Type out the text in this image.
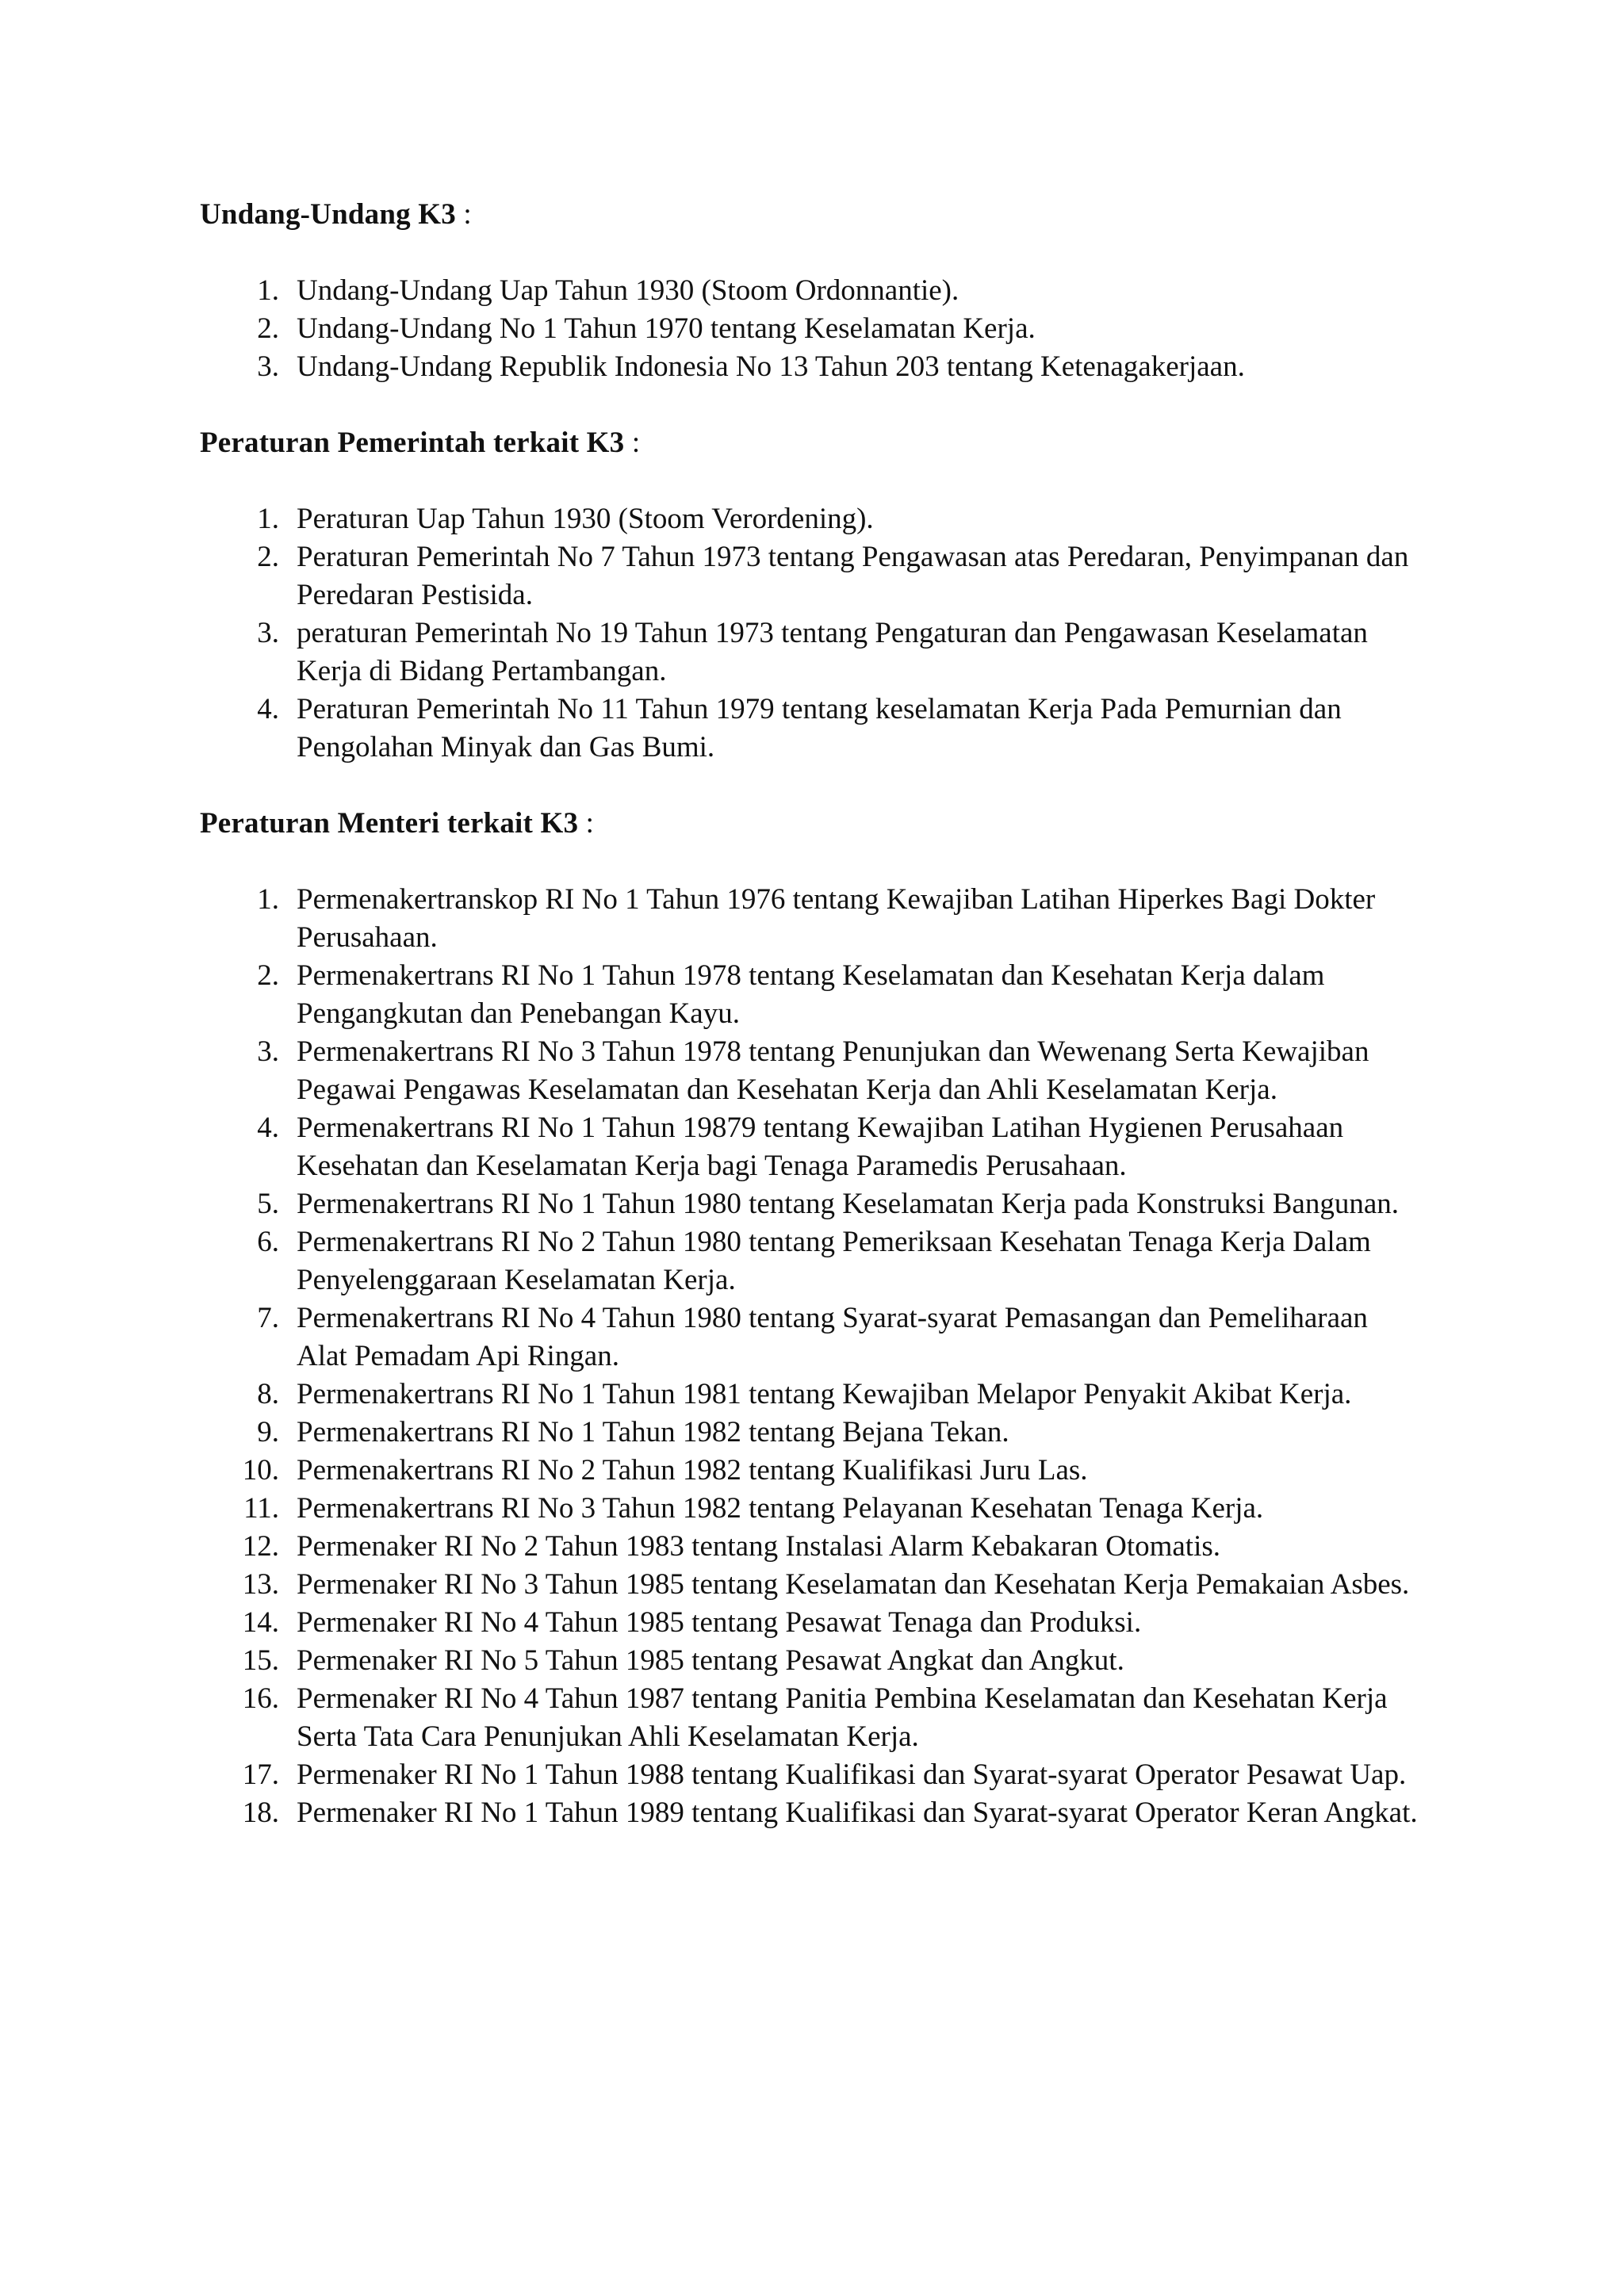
Undang-Undang K3 :
1. Undang-Undang Uap Tahun 1930 (Stoom Ordonnantie).
2. Undang-Undang No 1 Tahun 1970 tentang Keselamatan Kerja.
3. Undang-Undang Republik Indonesia No 13 Tahun 203 tentang Ketenagakerjaan.
Peraturan Pemerintah terkait K3 :
1. Peraturan Uap Tahun 1930 (Stoom Verordening).
2. Peraturan Pemerintah No 7 Tahun 1973 tentang Pengawasan atas Peredaran, Penyimpanan dan Peredaran Pestisida.
3. peraturan Pemerintah No 19 Tahun 1973 tentang Pengaturan dan Pengawasan Keselamatan Kerja di Bidang Pertambangan.
4. Peraturan Pemerintah No 11 Tahun 1979 tentang keselamatan Kerja Pada Pemurnian dan Pengolahan Minyak dan Gas Bumi.
Peraturan Menteri terkait K3 :
1. Permenakertranskop RI No 1 Tahun 1976 tentang Kewajiban Latihan Hiperkes Bagi Dokter Perusahaan.
2. Permenakertrans RI No 1 Tahun 1978 tentang Keselamatan dan Kesehatan Kerja dalam Pengangkutan dan Penebangan Kayu.
3. Permenakertrans RI No 3 Tahun 1978 tentang Penunjukan dan Wewenang Serta Kewajiban Pegawai Pengawas Keselamatan dan Kesehatan Kerja dan Ahli Keselamatan Kerja.
4. Permenakertrans RI No 1 Tahun 19879 tentang Kewajiban Latihan Hygienen Perusahaan Kesehatan dan Keselamatan Kerja bagi Tenaga Paramedis Perusahaan.
5. Permenakertrans RI No 1 Tahun 1980 tentang Keselamatan Kerja pada Konstruksi Bangunan.
6. Permenakertrans RI No 2 Tahun 1980 tentang Pemeriksaan Kesehatan Tenaga Kerja Dalam Penyelenggaraan Keselamatan Kerja.
7. Permenakertrans RI No 4 Tahun 1980 tentang Syarat-syarat Pemasangan dan Pemeliharaan Alat Pemadam Api Ringan.
8. Permenakertrans RI No 1 Tahun 1981 tentang Kewajiban Melapor Penyakit Akibat Kerja.
9. Permenakertrans RI No 1 Tahun 1982 tentang Bejana Tekan.
10. Permenakertrans RI No 2 Tahun 1982 tentang Kualifikasi Juru Las.
11. Permenakertrans RI No 3 Tahun 1982 tentang Pelayanan Kesehatan Tenaga Kerja.
12. Permenaker RI No 2 Tahun 1983 tentang Instalasi Alarm Kebakaran Otomatis.
13. Permenaker RI No 3 Tahun 1985 tentang Keselamatan dan Kesehatan Kerja Pemakaian Asbes.
14. Permenaker RI No 4 Tahun 1985 tentang Pesawat Tenaga dan Produksi.
15. Permenaker RI No 5 Tahun 1985 tentang Pesawat Angkat dan Angkut.
16. Permenaker RI No 4 Tahun 1987 tentang Panitia Pembina Keselamatan dan Kesehatan Kerja Serta Tata Cara Penunjukan Ahli Keselamatan Kerja.
17. Permenaker RI No 1 Tahun 1988 tentang Kualifikasi dan Syarat-syarat Operator Pesawat Uap.
18. Permenaker RI No 1 Tahun 1989 tentang Kualifikasi dan Syarat-syarat Operator Keran Angkat.
